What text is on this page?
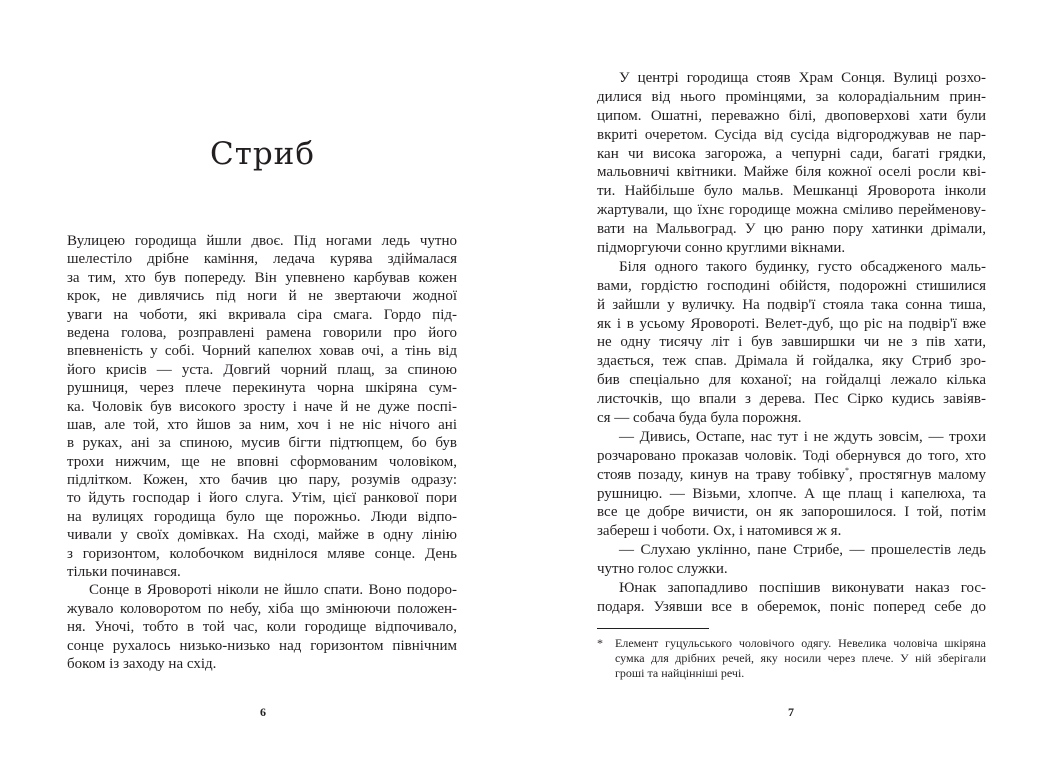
Стриб
Вулицею городища йшли двоє. Під ногами ледь чутно
шелестіло дрібне каміння, ледача курява здіймалася
за тим, хто був попереду. Він упевнено карбував кожен
крок, не дивлячись під ноги й не звертаючи жодної
уваги на чоботи, які вкривала сіра смага. Гордо під-
ведена голова, розправлені рамена говорили про його
впевненість у собі. Чорний капелюх ховав очі, а тінь від
його крисів — уста. Довгий чорний плащ, за спиною
рушниця, через плече перекинута чорна шкіряна сум-
ка. Чоловік був високого зросту і наче й не дуже поспі-
шав, але той, хто йшов за ним, хоч і не ніс нічого ані
в руках, ані за спиною, мусив бігти підтюпцем, бо був
трохи нижчим, ще не вповні сформованим чоловіком,
підлітком. Кожен, хто бачив цю пару, розумів одразу:
то йдуть господар і його слуга. Утім, цієї ранкової пори
на вулицях городища було ще порожньо. Люди відпо-
чивали у своїх домівках. На сході, майже в одну лінію
з горизонтом, колобочком виднілося мляве сонце. День
тільки починався.
Сонце в Яровороті ніколи не йшло спати. Воно подоро-
жувало коловоротом по небу, хіба що змінюючи положен-
ня. Уночі, тобто в той час, коли городище відпочивало,
сонце рухалось низько-низько над горизонтом північним
боком із заходу на схід.
6
У центрі городища стояв Храм Сонця. Вулиці розхо-
дилися від нього промінцями, за колорадіальним прин-
ципом. Ошатні, переважно білі, двоповерхові хати були
вкриті очеретом. Сусіда від сусіда відгороджував не пар-
кан чи висока загорожа, а чепурні сади, багаті грядки,
мальовничі квітники. Майже біля кожної оселі росли кві-
ти. Найбільше було мальв. Мешканці Яроворота інколи
жартували, що їхнє городище можна сміливо перейменову-
вати на Мальвоград. У цю раню пору хатинки дрімали,
підморгуючи сонно круглими вікнами.
Біля одного такого будинку, густо обсадженого маль-
вами, гордістю господині обійстя, подорожні стишилися
й зайшли у вуличку. На подвір'ї стояла така сонна тиша,
як і в усьому Яровороті. Велет-дуб, що ріс на подвір'ї вже
не одну тисячу літ і був завширшки чи не з пів хати,
здається, теж спав. Дрімала й гойдалка, яку Стриб зро-
бив спеціально для коханої; на гойдалці лежало кілька
листочків, що впали з дерева. Пес Сірко кудись завіяв-
ся — собача буда була порожня.
— Дивись, Остапе, нас тут і не ждуть зовсім, — трохи
розчаровано проказав чоловік. Тоді обернувся до того, хто
стояв позаду, кинув на траву тобівку*, простягнув малому
рушницю. — Візьми, хлопче. А ще плащ і капелюха, та
все це добре вичисти, он як запорошилося. І той, потім
забереш і чоботи. Ох, і натомився ж я.
— Слухаю уклінно, пане Стрибе, — прошелестів ледь
чутно голос служки.
Юнак запопадливо поспішив виконувати наказ гос-
подаря. Узявши все в оберемок, поніс поперед себе до
* Елемент гуцульського чоловічого одягу. Невелика чоловіча шкіряна
сумка для дрібних речей, яку носили через плече. У ній зберігали
гроші та найцінніші речі.
7
